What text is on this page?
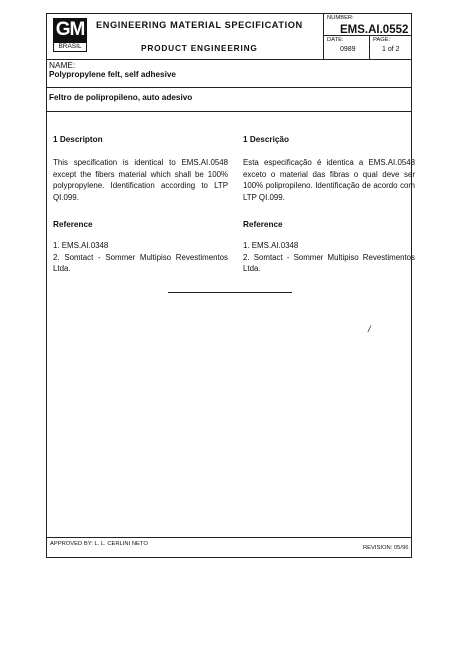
GM
BRASIL
ENGINEERING MATERIAL SPECIFICATION
PRODUCT ENGINEERING
NUMBER:
EMS.AI.0552
DATE:
0989
PAGE:
1 of 2
NAME:
Polypropylene felt, self adhesive
Feltro de polipropileno, auto adesivo
1 Descripton
This specification is identical to EMS.AI.0548 except the fibers material which shall be 100% polypropylene. Identification according to LTP QI.099.
Reference
1. EMS.AI.0348
2. Somtact - Sommer Multipiso Revestimentos Ltda.
1 Descrição
Esta especificação é identica a EMS.AI.0548 exceto o material das fibras o qual deve ser 100% polipropileno. Identificação de acordo com LTP QI.099.
Reference
1. EMS.AI.0348
2. Somtact - Sommer Multipiso Revestimentos Ltda.
/
APPROVED BY: L. L. CERLINI NETO
REVISION: 05/96
